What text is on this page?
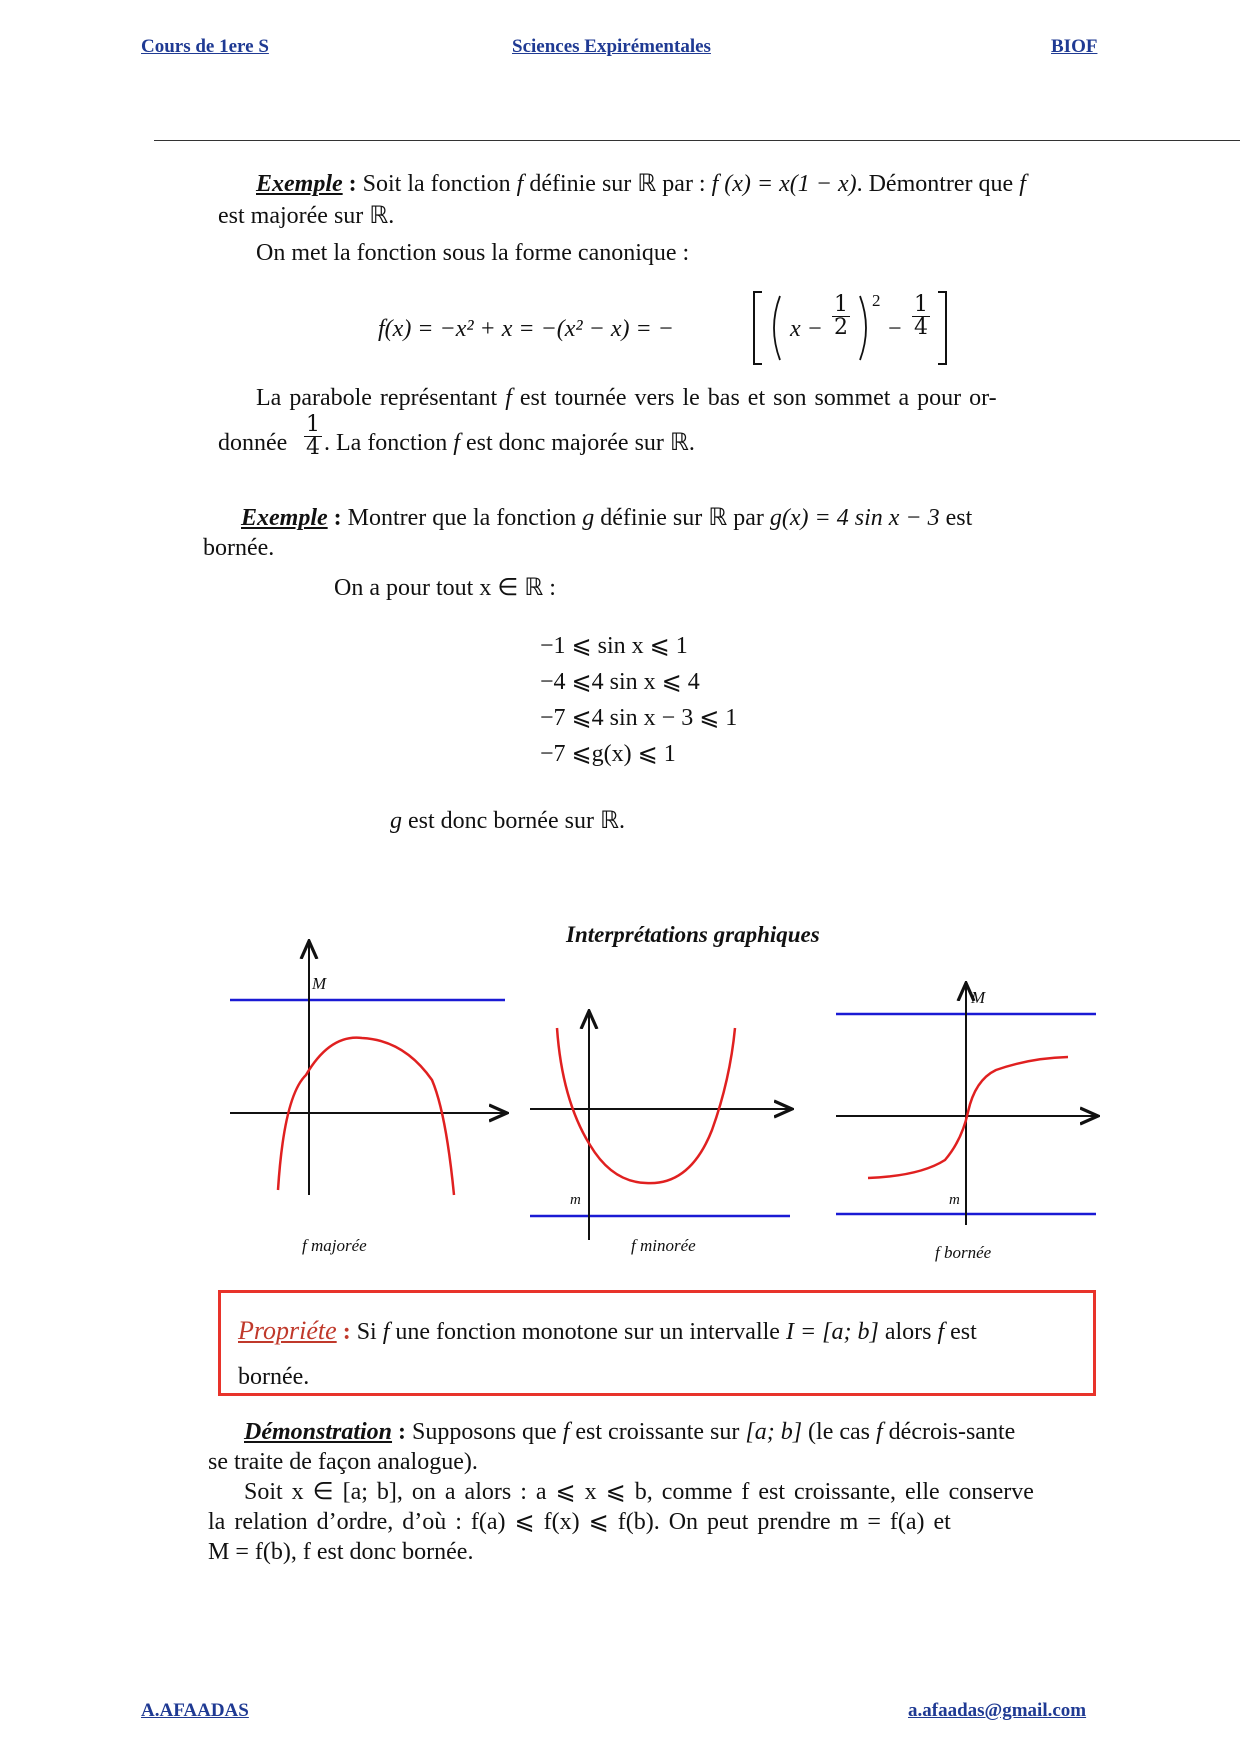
Cours de 1ere S	Sciences Expirémentales	BIOF
Exemple : Soit la fonction f définie sur ℝ par : f (x) = x(1 − x). Démontrer que f
est majorée sur ℝ.
On met la fonction sous la forme canonique :
f(x) = −x² + x = −(x² − x) = −	$x - \frac{1}{2} 2$
− $\frac{1}{4}$
La parabole représentant f est tournée vers le bas et son sommet a pour or-
donnée $\frac{1}{4}$ . La fonction f est donc majorée sur ℝ.
Exemple : Montrer que la fonction g définie sur ℝ par g(x) = 4 sin x − 3 est
bornée.
On a pour tout x ∈ ℝ :
−1 ⩽ sin x ⩽ 1
−4 ⩽4 sin x ⩽ 4
−7 ⩽4 sin x − 3 ⩽ 1
−7 ⩽g(x) ⩽ 1
g est donc bornée sur ℝ.
Interprétations graphiques
M
m
M
m
f majorée	f minorée	f bornée
Propriéte : Si f une fonction monotone sur un intervalle I = [a; b] alors f est
bornée.
Démonstration : Supposons que f est croissante sur [a; b] (le cas f décrois-sante
se traite de façon analogue).
Soit x ∈ [a; b], on a alors : a ⩽ x ⩽ b, comme f est croissante, elle conserve
la relation d’ordre, d’où : f(a) ⩽ f(x) ⩽ f(b). On peut prendre m = f(a) et
M = f(b), f est donc bornée.
A.AFAADAS	a.afaadas@gmail.com
